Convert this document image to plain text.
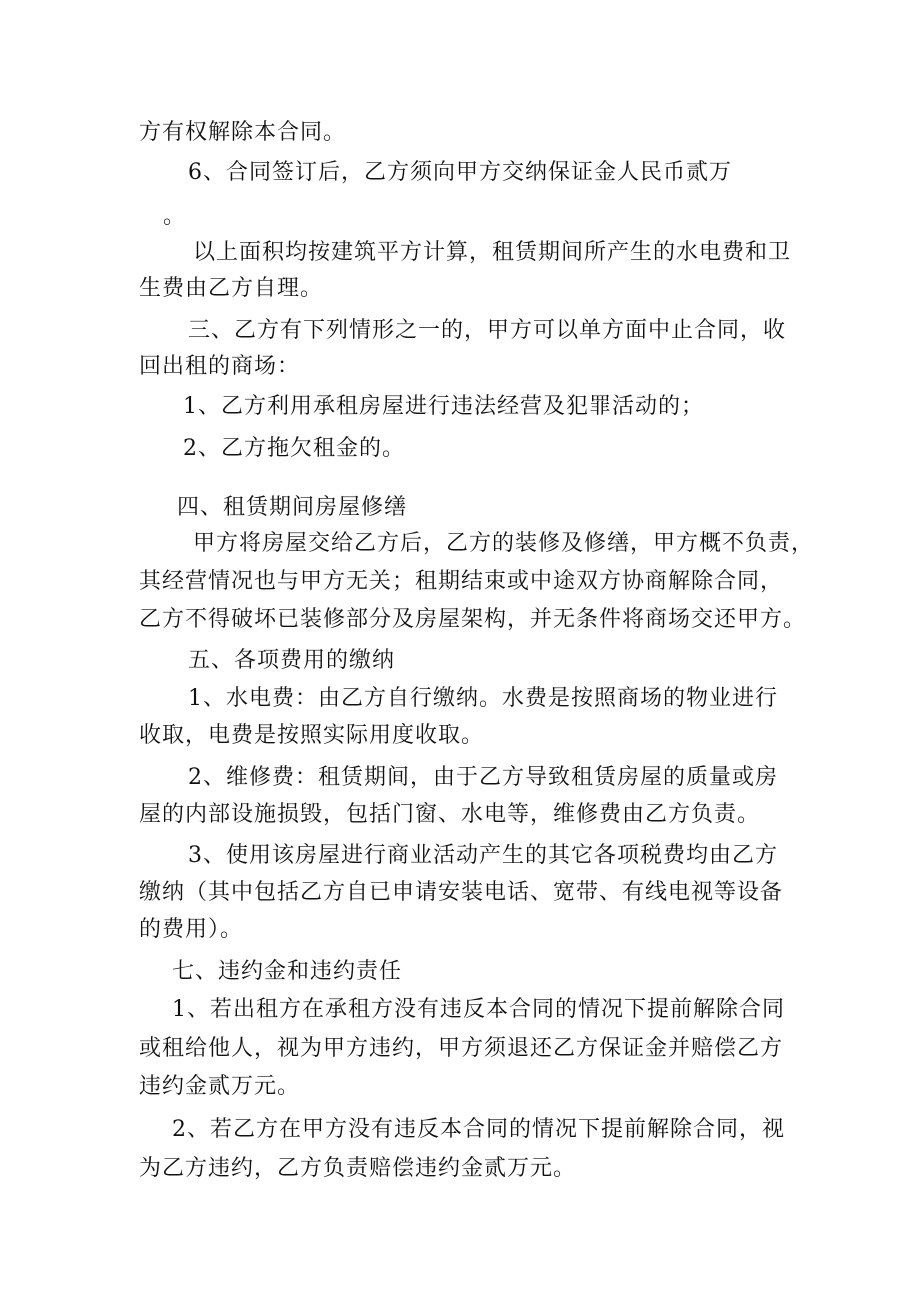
方有权解除本合同。

6、合同签订后，乙方须向甲方交纳保证金人民币贰万

。

以上面积均按建筑平方计算，租赁期间所产生的水电费和卫

生费由乙方自理。

三、乙方有下列情形之一的，甲方可以单方面中止合同，收

回出租的商场：

1、乙方利用承租房屋进行违法经营及犯罪活动的；

2、乙方拖欠租金的。

四、租赁期间房屋修缮

甲方将房屋交给乙方后，乙方的装修及修缮，甲方概不负责，

其经营情况也与甲方无关；租期结束或中途双方协商解除合同，

乙方不得破坏已装修部分及房屋架构，并无条件将商场交还甲方。

五、各项费用的缴纳

1、水电费：由乙方自行缴纳。水费是按照商场的物业进行

收取，电费是按照实际用度收取。

2、维修费：租赁期间，由于乙方导致租赁房屋的质量或房

屋的内部设施损毁，包括门窗、水电等，维修费由乙方负责。

3、使用该房屋进行商业活动产生的其它各项税费均由乙方

缴纳（其中包括乙方自已申请安装电话、宽带、有线电视等设备

的费用）。

七、违约金和违约责任

1、若出租方在承租方没有违反本合同的情况下提前解除合同

或租给他人，视为甲方违约，甲方须退还乙方保证金并赔偿乙方

违约金贰万元。

2、若乙方在甲方没有违反本合同的情况下提前解除合同，视

为乙方违约，乙方负责赔偿违约金贰万元。
